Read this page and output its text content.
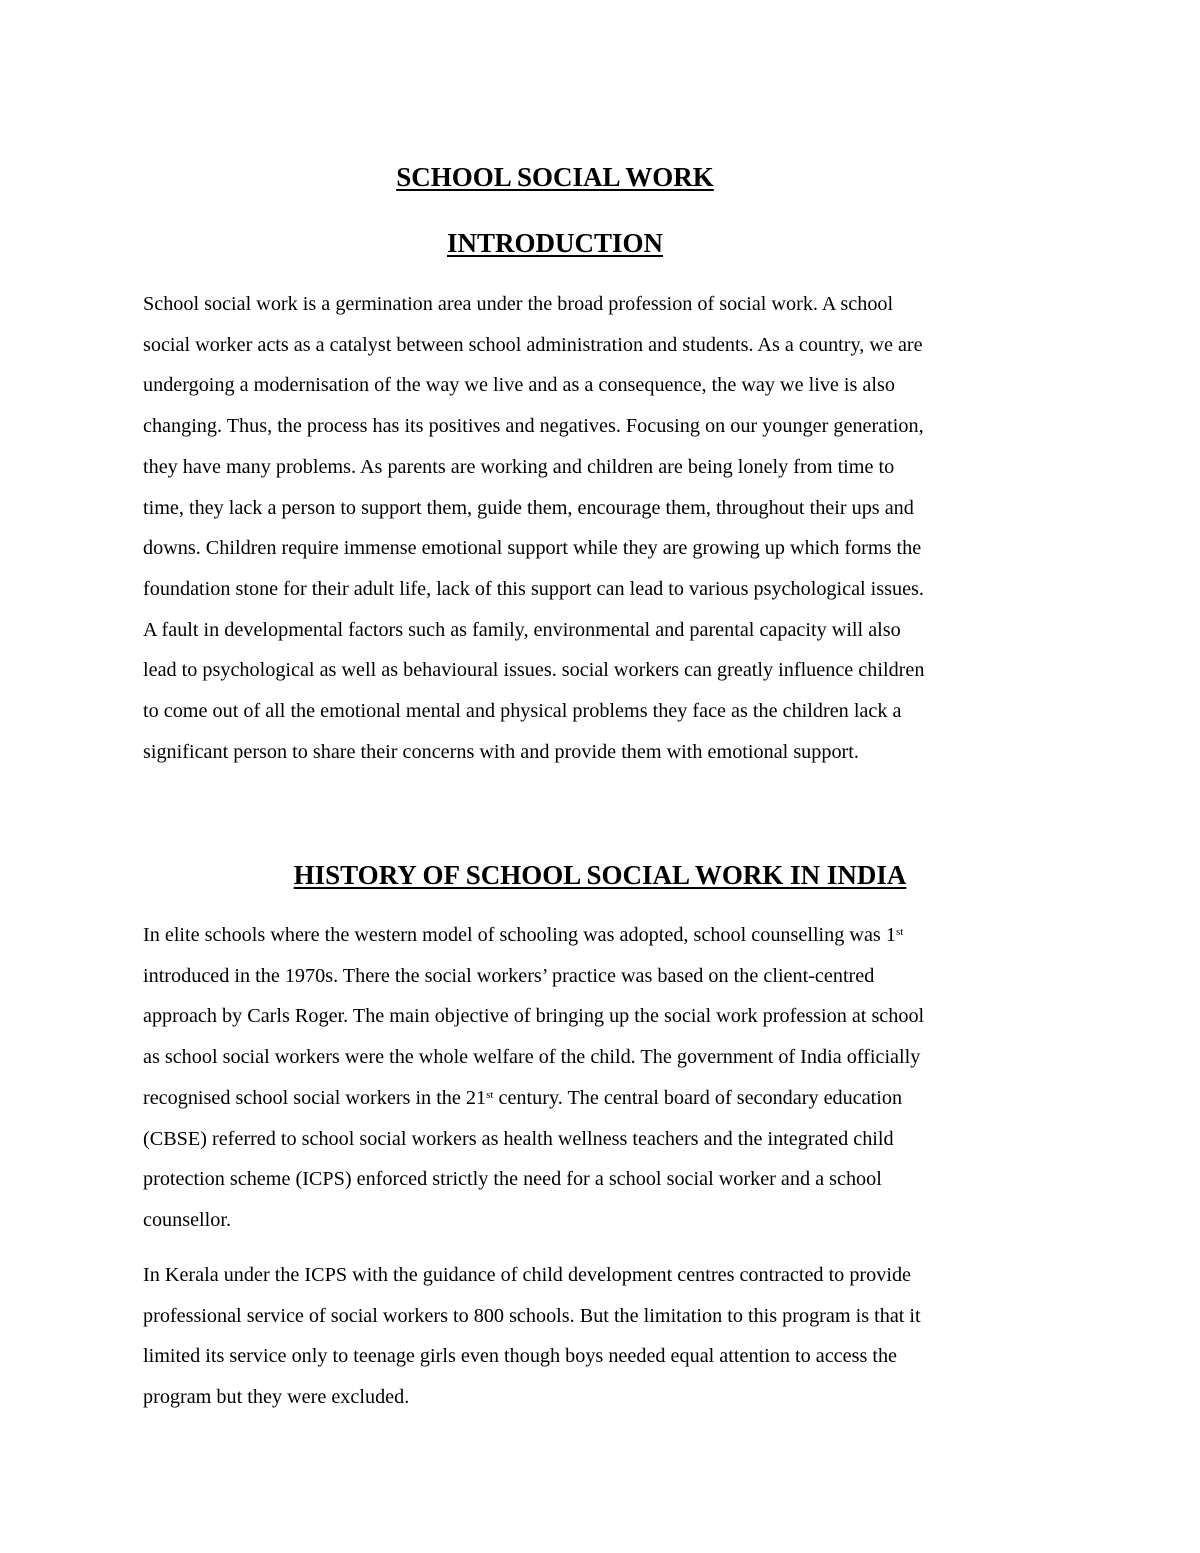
SCHOOL SOCIAL WORK
INTRODUCTION

School social work is a germination area under the broad profession of social work. A school
social worker acts as a catalyst between school administration and students. As a country, we are
undergoing a modernisation of the way we live and as a consequence, the way we live is also
changing. Thus, the process has its positives and negatives. Focusing on our younger generation,
they have many problems. As parents are working and children are being lonely from time to
time, they lack a person to support them, guide them, encourage them, throughout their ups and
downs. Children require immense emotional support while they are growing up which forms the
foundation stone for their adult life, lack of this support can lead to various psychological issues.
A fault in developmental factors such as family, environmental and parental capacity will also
lead to psychological as well as behavioural issues. social workers can greatly influence children
to come out of all the emotional mental and physical problems they face as the children lack a
significant person to share their concerns with and provide them with emotional support.

HISTORY OF SCHOOL SOCIAL WORK IN INDIA

In elite schools where the western model of schooling was adopted, school counselling was 1st
introduced in the 1970s. There the social workers’ practice was based on the client-centred
approach by Carls Roger. The main objective of bringing up the social work profession at school
as school social workers were the whole welfare of the child. The government of India officially
recognised school social workers in the 21st century. The central board of secondary education
(CBSE) referred to school social workers as health wellness teachers and the integrated child
protection scheme (ICPS) enforced strictly the need for a school social worker and a school
counsellor.

In Kerala under the ICPS with the guidance of child development centres contracted to provide
professional service of social workers to 800 schools. But the limitation to this program is that it
limited its service only to teenage girls even though boys needed equal attention to access the
program but they were excluded.
